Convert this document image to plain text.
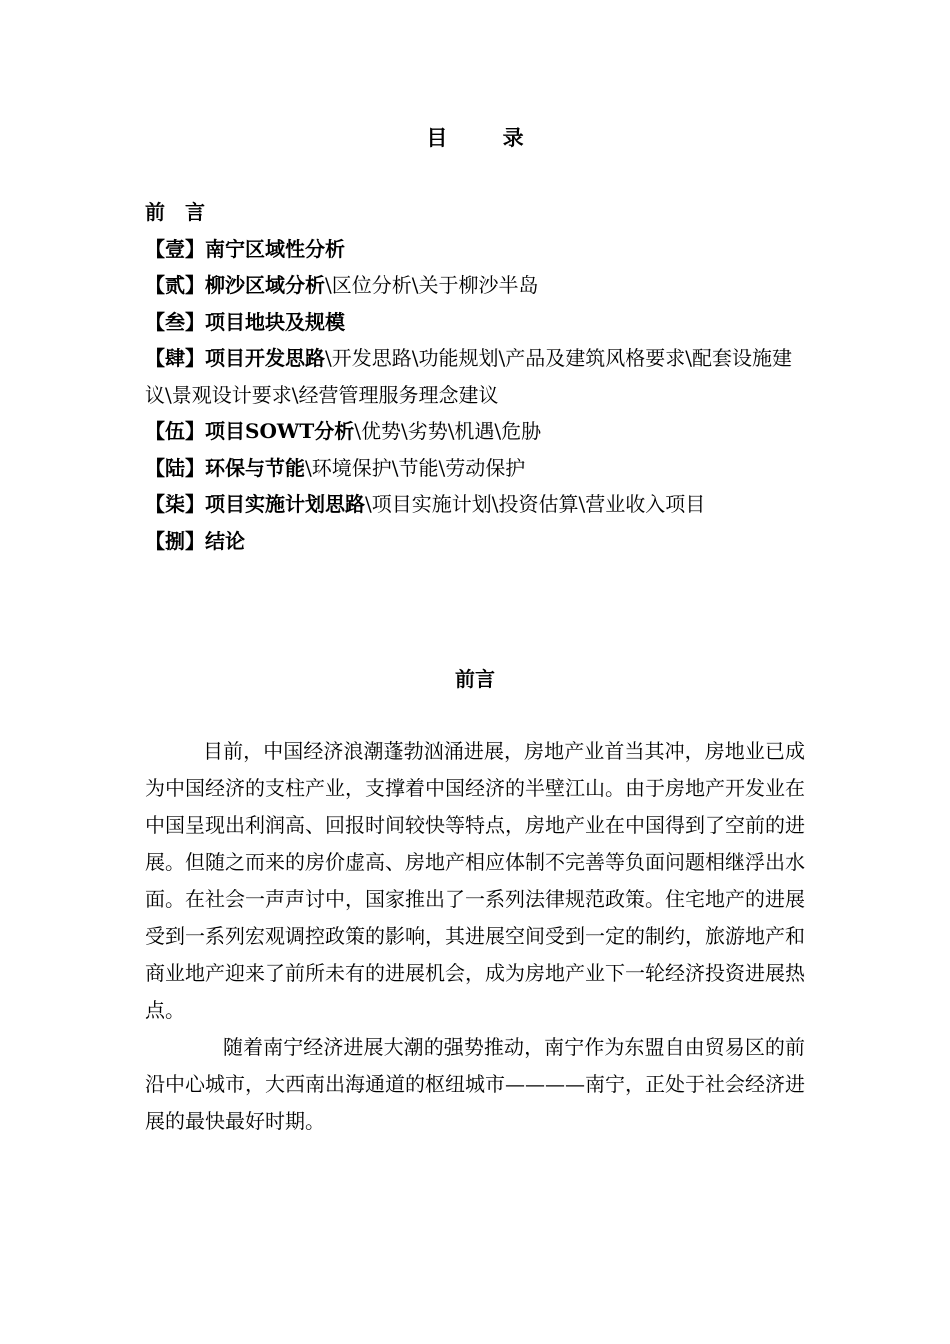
目 录
前　言
【壹】南宁区域性分析
【贰】柳沙区域分析\区位分析\关于柳沙半岛
【叁】项目地块及规模
【肆】项目开发思路\开发思路\功能规划\产品及建筑风格要求\配套设施建议\景观设计要求\经营管理服务理念建议
【伍】项目SOWT分析\优势\劣势\机遇\危胁
【陆】环保与节能\环境保护\节能\劳动保护
【柒】项目实施计划思路\项目实施计划\投资估算\营业收入项目
【捌】结论
前言

目前，中国经济浪潮蓬勃汹涌进展，房地产业首当其冲，房地业已成为中国经济的支柱产业，支撑着中国经济的半壁江山。由于房地产开发业在中国呈现出利润高、回报时间较快等特点，房地产业在中国得到了空前的进展。但随之而来的房价虚高、房地产相应体制不完善等负面问题相继浮出水面。在社会一声声讨中，国家推出了一系列法律规范政策。住宅地产的进展受到一系列宏观调控政策的影响，其进展空间受到一定的制约，旅游地产和商业地产迎来了前所未有的进展机会，成为房地产业下一轮经济投资进展热点。

随着南宁经济进展大潮的强势推动，南宁作为东盟自由贸易区的前沿中心城市，大西南出海通道的枢纽城市————南宁，正处于社会经济进展的最快最好时期。
